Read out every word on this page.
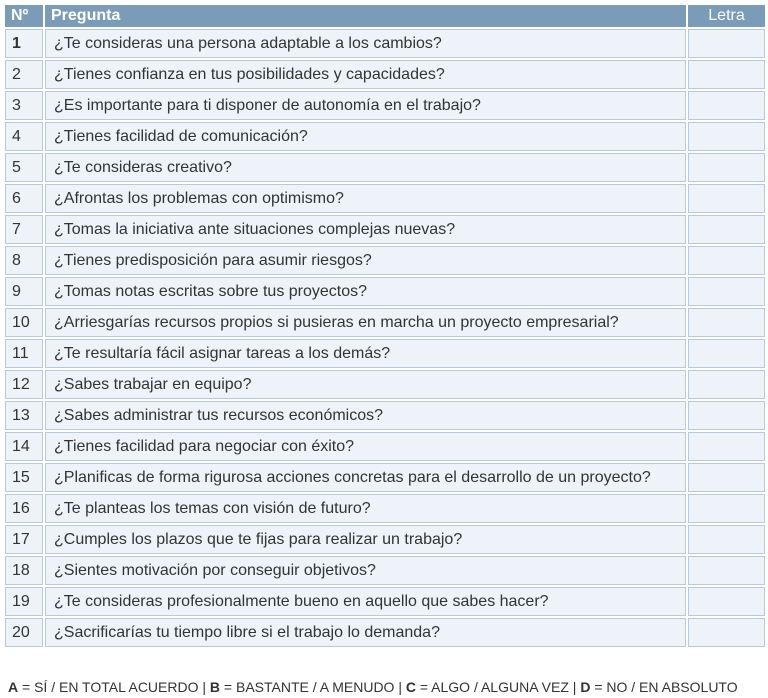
Nº	Pregunta	Letra
1	¿Te consideras una persona adaptable a los cambios?	
2	¿Tienes confianza en tus posibilidades y capacidades?	
3	¿Es importante para ti disponer de autonomía en el trabajo?	
4	¿Tienes facilidad de comunicación?	
5	¿Te consideras creativo?	
6	¿Afrontas los problemas con optimismo?	
7	¿Tomas la iniciativa ante situaciones complejas nuevas?	
8	¿Tienes predisposición para asumir riesgos?	
9	¿Tomas notas escritas sobre tus proyectos?	
10	¿Arriesgarías recursos propios si pusieras en marcha un proyecto empresarial?	
11	¿Te resultaría fácil asignar tareas a los demás?	
12	¿Sabes trabajar en equipo?	
13	¿Sabes administrar tus recursos económicos?	
14	¿Tienes facilidad para negociar con éxito?	
15	¿Planificas de forma rigurosa acciones concretas para el desarrollo de un proyecto?	
16	¿Te planteas los temas con visión de futuro?	
17	¿Cumples los plazos que te fijas para realizar un trabajo?	
18	¿Sientes motivación por conseguir objetivos?	
19	¿Te consideras profesionalmente bueno en aquello que sabes hacer?	
20	¿Sacrificarías tu tiempo libre si el trabajo lo demanda?	
A = SÍ / EN TOTAL ACUERDO | B = BASTANTE / A MENUDO | C = ALGO / ALGUNA VEZ | D = NO / EN ABSOLUTO
